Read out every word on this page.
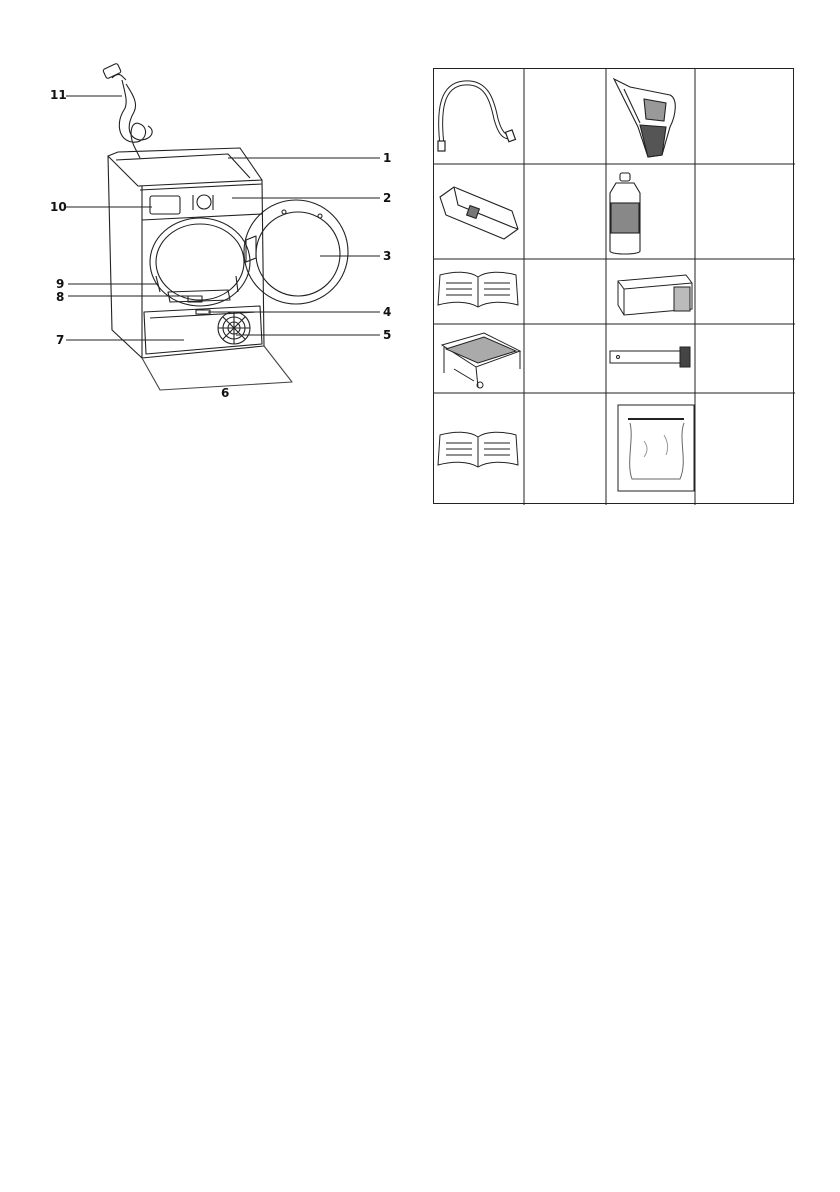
11
1
2
10
3
9
8
4
5
7
6
